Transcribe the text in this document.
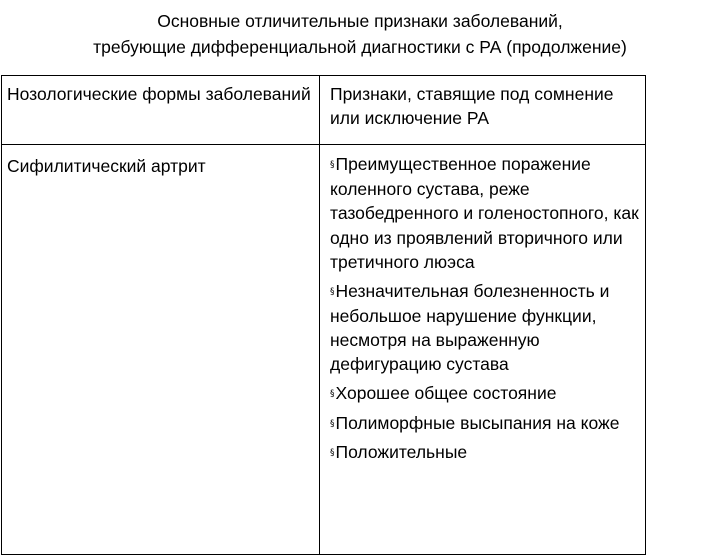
Основные отличительные признаки заболеваний,
требующие дифференциальной диагностики с РА (продолжение)
Нозологические формы заболеваний Признаки, ставящие под сомнение или исключение РА
Сифилитический артрит	§Преимущественное поражение коленного сустава, реже тазобедренного и голеностопного, как одно из проявлений вторичного или третичного люэса
§Незначительная болезненность и небольшое нарушение функции, несмотря на выраженную дефигурацию сустава
§Хорошее общее состояние
§Полиморфные высыпания на коже
§Положительные
